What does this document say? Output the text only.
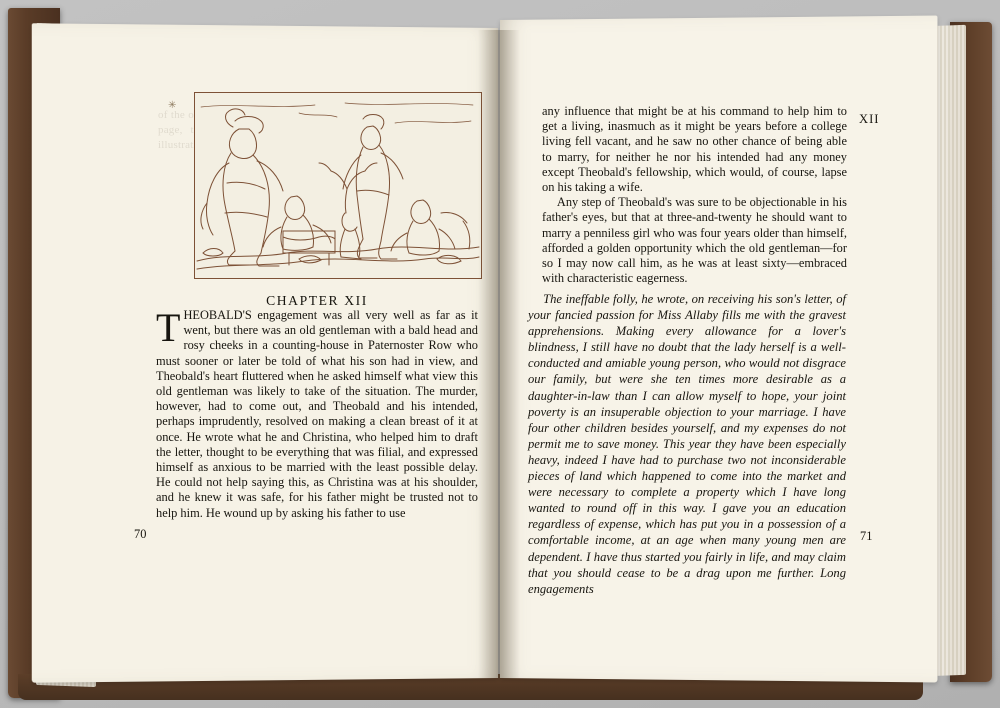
✳
CHAPTER XII

THEOBALD'S engagement was all very well as far as it went, but there was an old gentleman with a bald head and rosy cheeks in a counting-house in Paternoster Row who must sooner or later be told of what his son had in view, and Theobald's heart fluttered when he asked himself what view this old gentleman was likely to take of the situation. The murder, however, had to come out, and Theobald and his intended, perhaps imprudently, resolved on making a clean breast of it at once. He wrote what he and Christina, who helped him to draft the letter, thought to be everything that was filial, and expressed himself as anxious to be married with the least possible delay. He could not help saying this, as Christina was at his shoulder, and he knew it was safe, for his father might be trusted not to help him. He wound up by asking his father to use

70
XII

any influence that might be at his command to help him to get a living, inasmuch as it might be years before a college living fell vacant, and he saw no other chance of being able to marry, for neither he nor his intended had any money except Theobald's fellowship, which would, of course, lapse on his taking a wife.

Any step of Theobald's was sure to be objectionable in his father's eyes, but that at three-and-twenty he should want to marry a penniless girl who was four years older than himself, afforded a golden opportunity which the old gentleman—for so I may now call him, as he was at least sixty—embraced with characteristic eagerness.

The ineffable folly, he wrote, on receiving his son's letter, of your fancied passion for Miss Allaby fills me with the gravest apprehensions. Making every allowance for a lover's blindness, I still have no doubt that the lady herself is a well-conducted and amiable young person, who would not disgrace our family, but were she ten times more desirable as a daughter-in-law than I can allow myself to hope, your joint poverty is an insuperable objection to your marriage. I have four other children besides yourself, and my expenses do not permit me to save money. This year they have been especially heavy, indeed I have had to purchase two not inconsiderable pieces of land which happened to come into the market and were necessary to complete a property which I have long wanted to round off in this way. I gave you an education regardless of expense, which has put you in a possession of a comfortable income, at an age when many young men are dependent. I have thus started you fairly in life, and may claim that you should cease to be a drag upon me further. Long engagements

71
